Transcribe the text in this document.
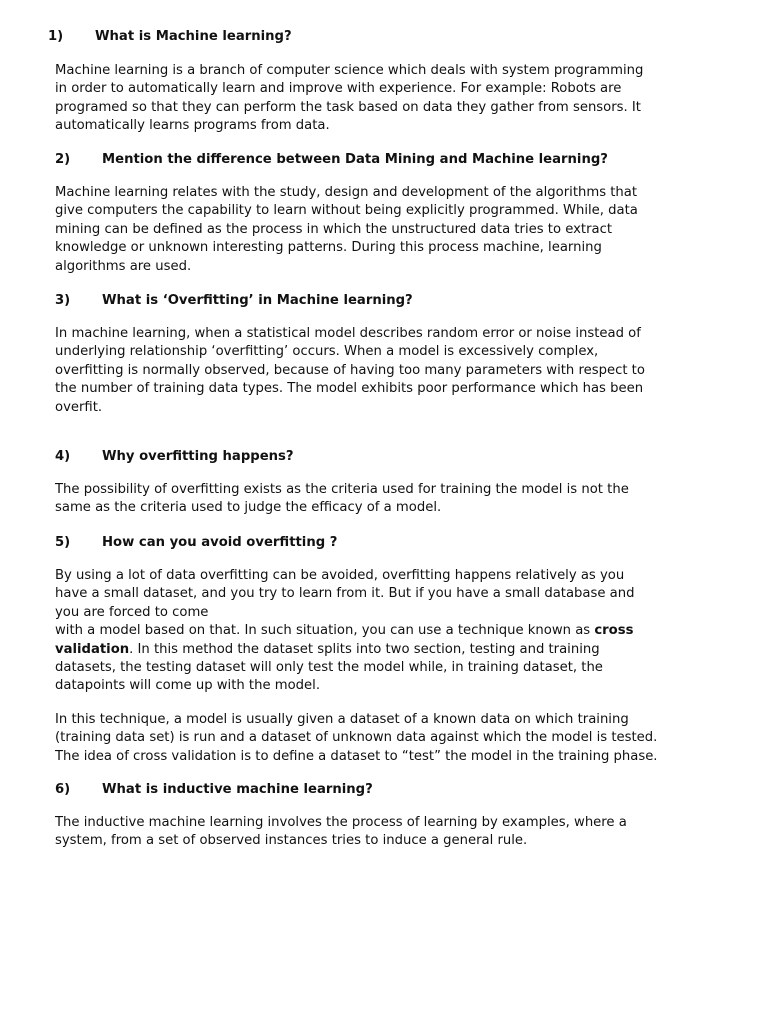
1) What is Machine learning?
Machine learning is a branch of computer science which deals with system programming
in order to automatically learn and improve with experience. For example: Robots are
programed so that they can perform the task based on data they gather from sensors. It
automatically learns programs from data.
2) Mention the difference between Data Mining and Machine learning?
Machine learning relates with the study, design and development of the algorithms that
give computers the capability to learn without being explicitly programmed. While, data
mining can be defined as the process in which the unstructured data tries to extract
knowledge or unknown interesting patterns. During this process machine, learning
algorithms are used.
3) What is ‘Overfitting’ in Machine learning?
In machine learning, when a statistical model describes random error or noise instead of
underlying relationship ‘overfitting’ occurs. When a model is excessively complex,
overfitting is normally observed, because of having too many parameters with respect to
the number of training data types. The model exhibits poor performance which has been
overfit.
4) Why overfitting happens?
The possibility of overfitting exists as the criteria used for training the model is not the
same as the criteria used to judge the efficacy of a model.
5) How can you avoid overfitting ?
By using a lot of data overfitting can be avoided, overfitting happens relatively as you
have a small dataset, and you try to learn from it. But if you have a small database and
you are forced to come
with a model based on that. In such situation, you can use a technique known as cross
validation. In this method the dataset splits into two section, testing and training
datasets, the testing dataset will only test the model while, in training dataset, the
datapoints will come up with the model.
In this technique, a model is usually given a dataset of a known data on which training
(training data set) is run and a dataset of unknown data against which the model is tested.
The idea of cross validation is to define a dataset to “test” the model in the training phase.
6) What is inductive machine learning?
The inductive machine learning involves the process of learning by examples, where a
system, from a set of observed instances tries to induce a general rule.
